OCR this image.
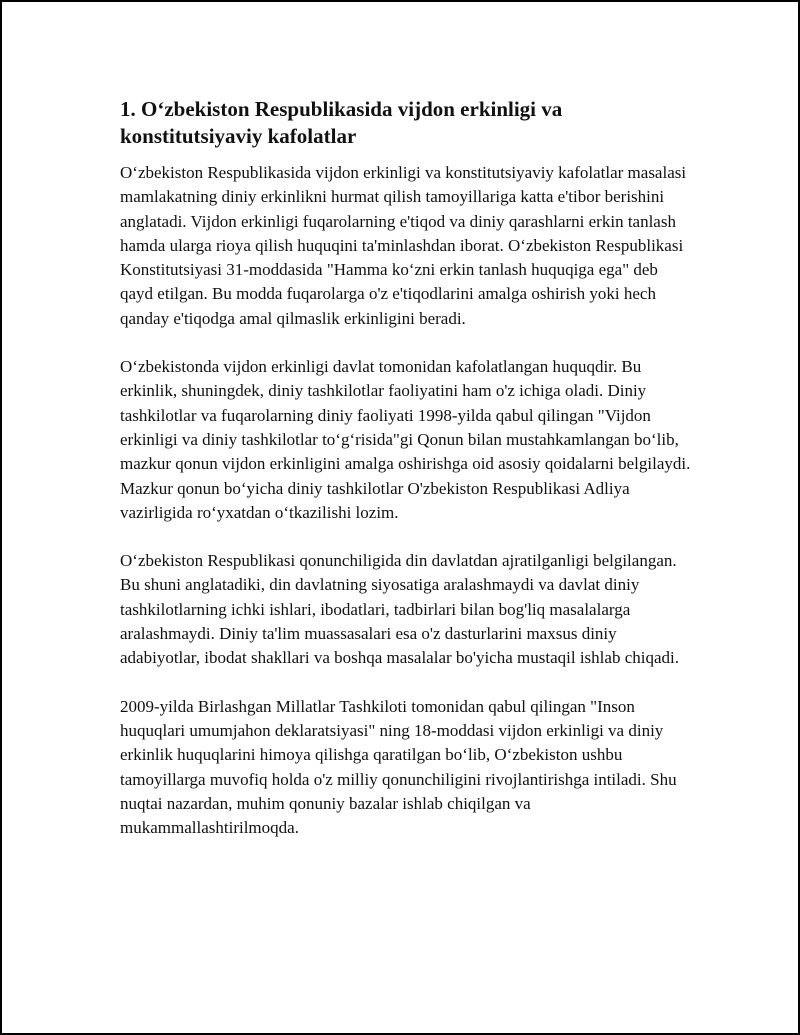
1. O‘zbekiston Respublikasida vijdon erkinligi va konstitutsiyaviy kafolatlar

O‘zbekiston Respublikasida vijdon erkinligi va konstitutsiyaviy kafolatlar masalasi mamlakatning diniy erkinlikni hurmat qilish tamoyillariga katta e'tibor berishini anglatadi. Vijdon erkinligi fuqarolarning e'tiqod va diniy qarashlarni erkin tanlash hamda ularga rioya qilish huquqini ta'minlashdan iborat. O‘zbekiston Respublikasi Konstitutsiyasi 31-moddasida "Hamma ko‘zni erkin tanlash huquqiga ega" deb qayd etilgan. Bu modda fuqarolarga o'z e'tiqodlarini amalga oshirish yoki hech qanday e'tiqodga amal qilmaslik erkinligini beradi.

O‘zbekistonda vijdon erkinligi davlat tomonidan kafolatlangan huquqdir. Bu erkinlik, shuningdek, diniy tashkilotlar faoliyatini ham o'z ichiga oladi. Diniy tashkilotlar va fuqarolarning diniy faoliyati 1998-yilda qabul qilingan "Vijdon erkinligi va diniy tashkilotlar to‘g‘risida"gi Qonun bilan mustahkamlangan bo‘lib, mazkur qonun vijdon erkinligini amalga oshirishga oid asosiy qoidalarni belgilaydi. Mazkur qonun bo‘yicha diniy tashkilotlar O'zbekiston Respublikasi Adliya vazirligida ro‘yxatdan o‘tkazilishi lozim.

O‘zbekiston Respublikasi qonunchiligida din davlatdan ajratilganligi belgilangan. Bu shuni anglatadiki, din davlatning siyosatiga aralashmaydi va davlat diniy tashkilotlarning ichki ishlari, ibodatlari, tadbirlari bilan bog'liq masalalarga aralashmaydi. Diniy ta'lim muassasalari esa o'z dasturlarini maxsus diniy adabiyotlar, ibodat shakllari va boshqa masalalar bo'yicha mustaqil ishlab chiqadi.

2009-yilda Birlashgan Millatlar Tashkiloti tomonidan qabul qilingan "Inson huquqlari umumjahon deklaratsiyasi" ning 18-moddasi vijdon erkinligi va diniy erkinlik huquqlarini himoya qilishga qaratilgan bo‘lib, O‘zbekiston ushbu tamoyillarga muvofiq holda o'z milliy qonunchiligini rivojlantirishga intiladi. Shu nuqtai nazardan, muhim qonuniy bazalar ishlab chiqilgan va mukammallashtirilmoqda.
